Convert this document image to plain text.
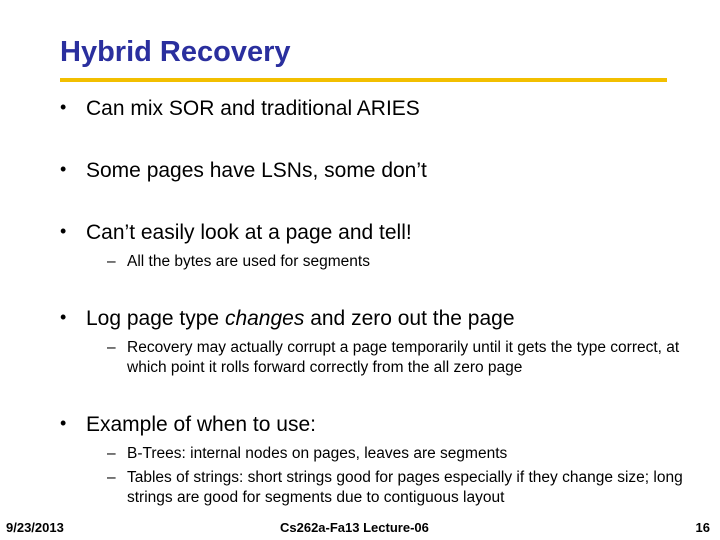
Hybrid Recovery
• Can mix SOR and traditional ARIES
• Some pages have LSNs, some don’t
• Can’t easily look at a page and tell!
– All the bytes are used for segments
• Log page type changes and zero out the page
– Recovery may actually corrupt a page temporarily until it gets the type correct, at which point it rolls forward correctly from the all zero page
• Example of when to use:
– B-Trees: internal nodes on pages, leaves are segments
– Tables of strings: short strings good for pages especially if they change size; long strings are good for segments due to contiguous layout
9/23/2013	Cs262a-Fa13 Lecture-06	16
